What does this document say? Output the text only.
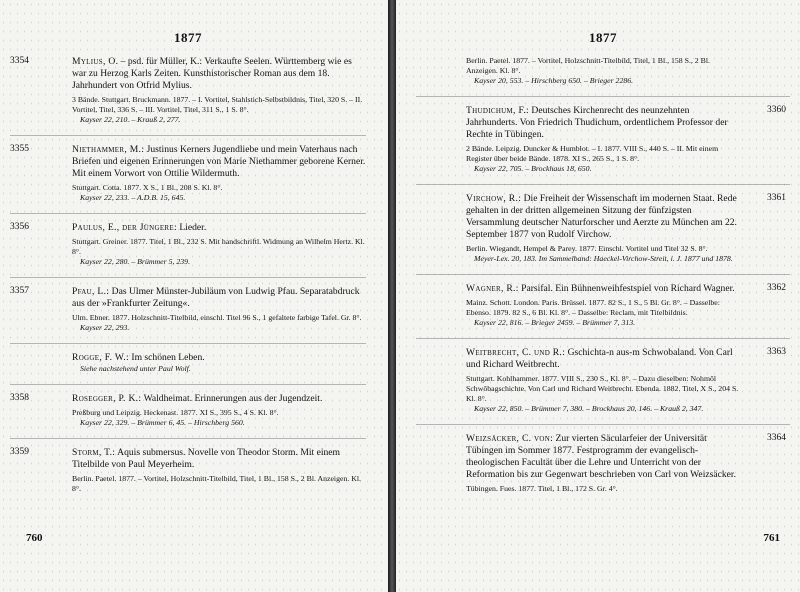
1877
3354	Mylius, O. – psd. für Müller, K.: Verkaufte Seelen. Württemberg wie es war zu Herzog Karls Zeiten. Kunsthistorischer Roman aus dem 18. Jahrhundert von Otfrid Mylius.
3 Bände. Stuttgart. Bruckmann. 1877. – I. Vortitel, Stahlstich-Selbstbildnis, Titel, 320 S. – II. Vortitel, Titel, 336 S. – III. Vortitel, Titel, 311 S., 1 S. 8°.
Kayser 22, 210. – Krauß 2, 277.
3355	Niethammer, M.: Justinus Kerners Jugendliebe und mein Vaterhaus nach Briefen und eigenen Erinnerungen von Marie Niethammer geborene Kerner. Mit einem Vorwort von Ottilie Wildermuth.
Stuttgart. Cotta. 1877. X S., 1 Bl., 208 S. Kl. 8°.
Kayser 22, 233. – A.D.B. 15, 645.
3356	Paulus, E., der Jüngere: Lieder.
Stuttgart. Greiner. 1877. Titel, 1 Bl., 232 S. Mit handschriftl. Widmung an Wilhelm Hertz. Kl. 8°.
Kayser 22, 280. – Brümmer 5, 239.
3357	Pfau, L.: Das Ulmer Münster-Jubiläum von Ludwig Pfau. Separatabdruck aus der »Frankfurter Zeitung«.
Ulm. Ebner. 1877. Holzschnitt-Titelbild, einschl. Titel 96 S., 1 gefaltete farbige Tafel. Gr. 8°.
Kayser 22, 293.
Rogge, F. W.: Im schönen Leben.
Siehe nachstehend unter Paul Wolf.
3358	Rosegger, P. K.: Waldheimat. Erinnerungen aus der Jugendzeit.
Preßburg und Leipzig. Heckenast. 1877. XI S., 395 S., 4 S. Kl. 8°.
Kayser 22, 329. – Brümmer 6, 45. – Hirschberg 560.
3359	Storm, T.: Aquis submersus. Novelle von Theodor Storm. Mit einem Titelbilde von Paul Meyerheim.
Berlin. Paetel. 1877. – Vortitel, Holzschnitt-Titelbild, Titel, 1 Bl., 158 S., 2 Bl. Anzeigen. Kl. 8°.
760
1877
Berlin. Paetel. 1877. – Vortitel, Holzschnitt-Titelbild, Titel, 1 Bl., 158 S., 2 Bl. Anzeigen. Kl. 8°.
Kayser 20, 553. – Hirschberg 650. – Brieger 2286.
3360
Thudichum, F.: Deutsches Kirchenrecht des neunzehnten Jahrhunderts. Von Friedrich Thudichum, ordentlichem Professor der Rechte in Tübingen.
2 Bände. Leipzig. Duncker & Humblot. – I. 1877. VIII S., 440 S. – II. Mit einem Register über beide Bände. 1878. XI S., 265 S., 1 S. 8°.
Kayser 22, 705. – Brockhaus 18, 650.
3361
Virchow, R.: Die Freiheit der Wissenschaft im modernen Staat. Rede gehalten in der dritten allgemeinen Sitzung der fünfzigsten Versammlung deutscher Naturforscher und Aerzte zu München am 22. September 1877 von Rudolf Virchow.
Berlin. Wiegandt, Hempel & Parey. 1877. Einschl. Vortitel und Titel 32 S. 8°.
Meyer-Lex. 20, 183. Im Sammelband: Haeckel-Virchow-Streit, i. J. 1877 und 1878.
3362
Wagner, R.: Parsifal. Ein Bühnenweihfestspiel von Richard Wagner.
Mainz. Schott. London. Paris. Brüssel. 1877. 82 S., 1 S., 5 Bl. Gr. 8°. – Dasselbe: Ebenso. 1879. 82 S., 6 Bl. Kl. 8°. – Dasselbe: Reclam, mit Titelbildnis.
Kayser 22, 816. – Brieger 2459. – Brümmer 7, 313.
3363
Weitbrecht, C. und R.: Gschichta-n aus-m Schwobaland. Von Carl und Richard Weitbrecht.
Stuttgart. Kohlhammer. 1877. VIII S., 230 S., Kl. 8°. – Dazu dieselben: Nohmôl Schwôbagschichte. Von Carl und Richard Weitbrecht. Ebenda. 1882. Titel, X S., 204 S. Kl. 8°.
Kayser 22, 850. – Brümmer 7, 380. – Brockhaus 20, 146. – Krauß 2, 347.
3364
Weizsäcker, C. von: Zur vierten Säcularfeier der Universität Tübingen im Sommer 1877. Festprogramm der evangelisch-theologischen Facultät über die Lehre und Unterricht von der Reformation bis zur Gegenwart beschrieben von Carl von Weizsäcker.
Tübingen. Fues. 1877. Titel, 1 Bl., 172 S. Gr. 4°.
761
